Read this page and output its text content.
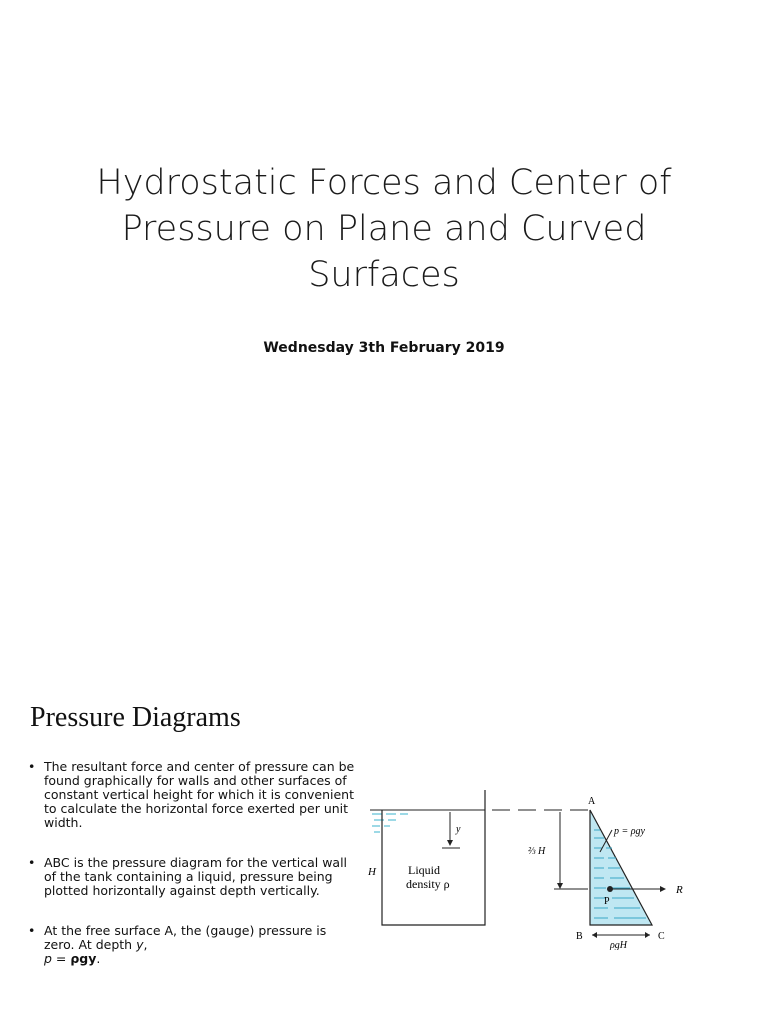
Hydrostatic Forces and Center of
Pressure on Plane and Curved
Surfaces
Wednesday 3th February 2019
Pressure Diagrams
• The resultant force and center of pressure can be found graphically for walls and other surfaces of constant vertical height for which it is convenient to calculate the horizontal force exerted per unit width.
• ABC is the pressure diagram for the vertical wall of the tank containing a liquid, pressure being plotted horizontally against depth vertically.
• At the free surface A, the (gauge) pressure is zero. At depth y,
p = ρgy.
y
H	Liquid
density ρ
A
B	C
p = ρgy
⅔ H
P
R
ρgH
